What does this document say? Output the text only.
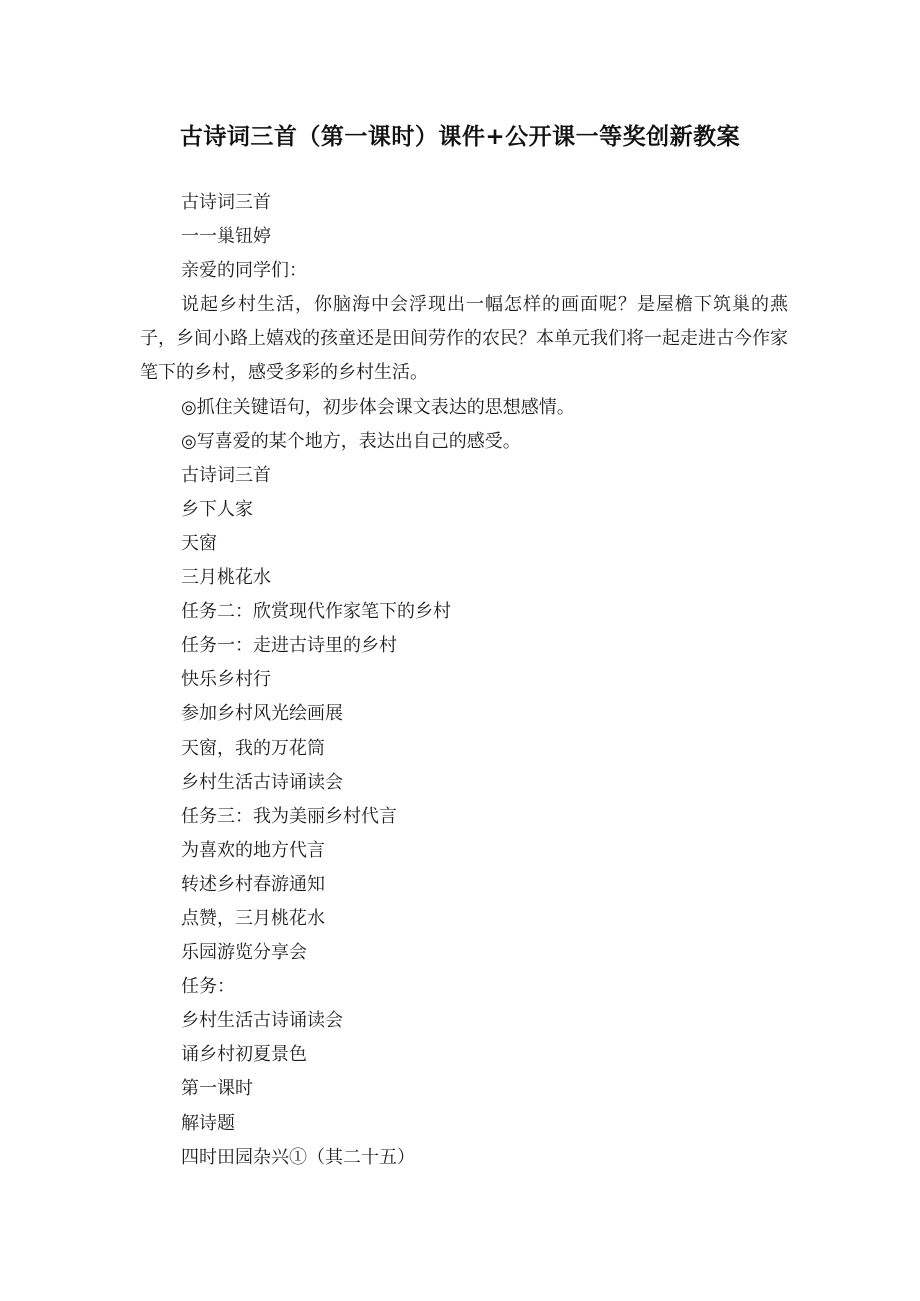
古诗词三首（第一课时）课件+公开课一等奖创新教案

古诗词三首

一一巢钮婷

亲爱的同学们：

说起乡村生活，你脑海中会浮现出一幅怎样的画面呢？是屋檐下筑巢的燕子，乡间小路上嬉戏的孩童还是田间劳作的农民？本单元我们将一起走进古今作家笔下的乡村，感受多彩的乡村生活。

◎抓住关键语句，初步体会课文表达的思想感情。

◎写喜爱的某个地方，表达出自己的感受。

古诗词三首

乡下人家

天窗

三月桃花水

任务二：欣赏现代作家笔下的乡村

任务一：走进古诗里的乡村

快乐乡村行

参加乡村风光绘画展

天窗，我的万花筒

乡村生活古诗诵读会

任务三：我为美丽乡村代言

为喜欢的地方代言

转述乡村春游通知

点赞，三月桃花水

乐园游览分享会

任务：

乡村生活古诗诵读会

诵乡村初夏景色

第一课时

解诗题

四时田园杂兴①（其二十五）
